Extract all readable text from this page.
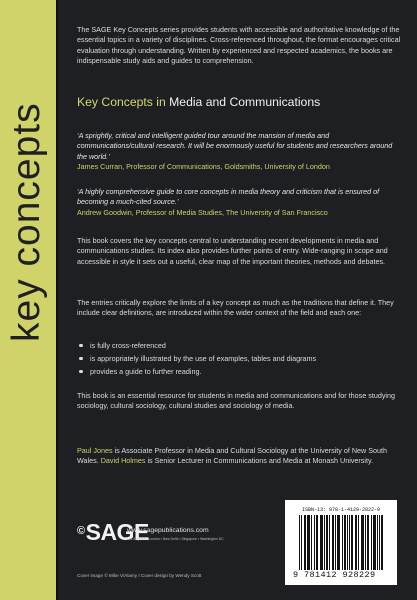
key concepts
The SAGE Key Concepts series provides students with accessible and authoritative knowledge of the essential topics in a variety of disciplines. Cross-referenced throughout, the format encourages critical evaluation through understanding. Written by experienced and respected academics, the books are indispensable study aids and guides to comprehension.
Key Concepts in Media and Communications
‘A sprightly, critical and intelligent guided tour around the mansion of media and communications/cultural research. It will be enormously useful for students and researchers around the world.’
James Curran, Professor of Communications, Goldsmiths, University of London
‘A highly comprehensive guide to core concepts in media theory and criticism that is ensured of becoming a much-cited source.’
Andrew Goodwin, Professor of Media Studies, The University of San Francisco
This book covers the key concepts central to understanding recent developments in media and communications studies. Its index also provides further points of entry. Wide-ranging in scope and accessible in style it sets out a useful, clear map of the important theories, methods and debates.
The entries critically explore the limits of a key concept as much as the traditions that define it. They include clear definitions, are introduced within the wider context of the field and each one:
is fully cross-referenced
is appropriately illustrated by the use of examples, tables and diagrams
provides a guide to further reading.
This book is an essential resource for students in media and communications and for those studying sociology, cultural sociology, cultural studies and sociology of media.
Paul Jones is Associate Professor in Media and Cultural Sociology at the University of New South Wales. David Holmes is Senior Lecturer in Communications and Media at Monash University.
©SAGE
www.sagepublications.com
Los Angeles • London • New Delhi • Singapore • Washington DC
Cover image © Mike V/Alamy I Cover design by Wendy Scott
ISBN-13: 978-1-4129-2822-9
9 781412 928229
